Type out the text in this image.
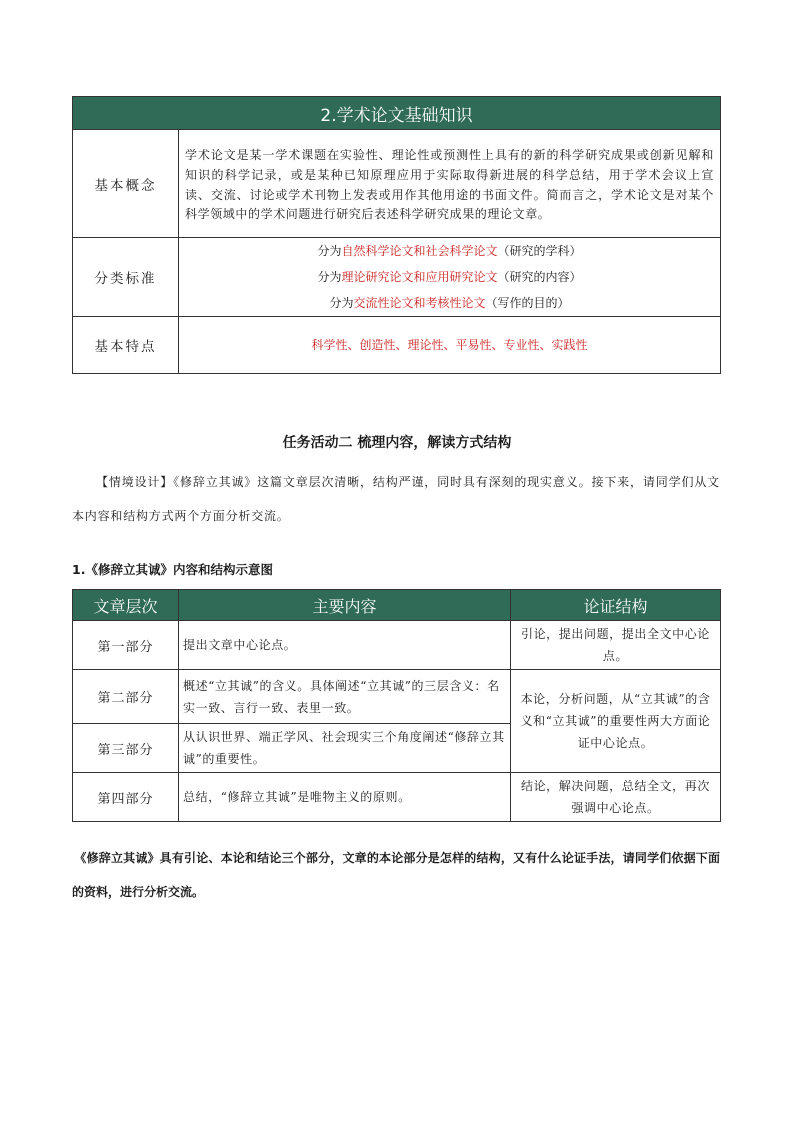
2.学术论文基础知识	
基本概念	学术论文是某一学术课题在实验性、理论性或预测性上具有的新的科学研究成果或创新见解和知识的科学记录，或是某种已知原理应用于实际取得新进展的科学总结，用于学术会议上宣读、交流、讨论或学术刊物上发表或用作其他用途的书面文件。简而言之，学术论文是对某个科学领域中的学术问题进行研究后表述科学研究成果的理论文章。
分类标准	分为自然科学论文和社会科学论文（研究的学科）
分为理论研究论文和应用研究论文（研究的内容）
分为交流性论文和考核性论文（写作的目的）

基本特点	科学性、创造性、理论性、平易性、专业性、实践性
任务活动二 梳理内容，解读方式结构
【情境设计】《修辞立其诚》这篇文章层次清晰，结构严谨，同时具有深刻的现实意义。接下来，请同学们从文本内容和结构方式两个方面分析交流。
1.《修辞立其诚》内容和结构示意图
文章层次	主要内容	论证结构
第一部分	提出文章中心论点。	引论，提出问题，提出全文中心论点。
第二部分	概述“立其诚”的含义。具体阐述“立其诚”的三层含义：名实一致、言行一致、表里一致。	本论，分析问题，从“立其诚”的含义和“立其诚”的重要性两大方面论证中心论点。
第三部分	从认识世界、端正学风、社会现实三个角度阐述“修辞立其诚”的重要性。	
第四部分	总结，“修辞立其诚”是唯物主义的原则。	结论，解决问题，总结全文，再次强调中心论点。
《修辞立其诚》具有引论、本论和结论三个部分，文章的本论部分是怎样的结构，又有什么论证手法，请同学们依据下面的资料，进行分析交流。
